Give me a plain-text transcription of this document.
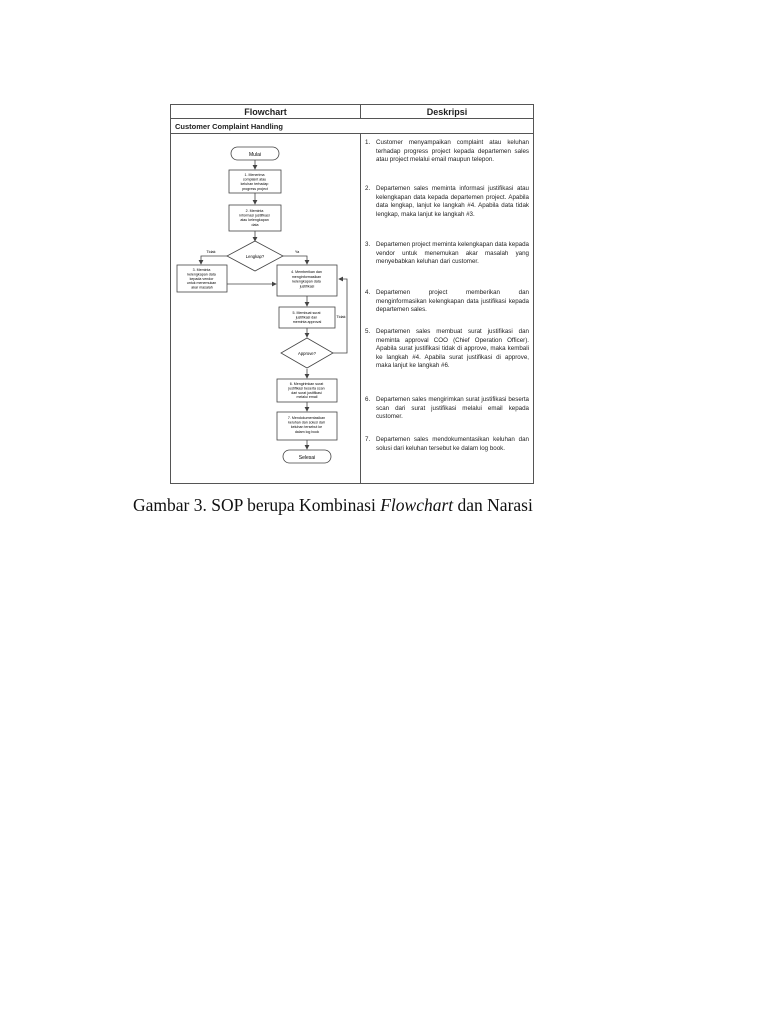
Flowchart	Deskripsi
Customer Complaint Handling
Mulai
1. Menerima complaint atau keluhan terhadap progress project
2. Meminta informasi justifikasi atau kelengkapan data
Lengkap?
Tidak	Ya
3. Meminta kelengkapan data kepada vendor untuk menemukan akar masalah
4. Memberikan dan menginformasikan kelengkapan data justifikasi
5. Membuat surat justifikasi dan meminta approval
Approve?
Tidak
6. Mengirimkan surat justifikasi beserta scan dari surat justifikasi melalui email
7. Mendokumentasikan keluhan dan solusi dari keluhan tersebut ke dalam log book
Selesai
1. Customer menyampaikan complaint atau keluhan terhadap progress project kepada departemen sales atau project melalui email maupun telepon.
2. Departemen sales meminta informasi justifikasi atau kelengkapan data kepada departemen project. Apabila data lengkap, lanjut ke langkah #4. Apabila data tidak lengkap, maka lanjut ke langkah #3.
3. Departemen project meminta kelengkapan data kepada vendor untuk menemukan akar masalah yang menyebabkan keluhan dari customer.
4. Departemen project memberikan dan menginformasikan kelengkapan data justifikasi kepada departemen sales.
5. Departemen sales membuat surat justifikasi dan meminta approval COO (Chief Operation Officer). Apabila surat justifikasi tidak di approve, maka kembali ke langkah #4. Apabila surat justifikasi di approve, maka lanjut ke langkah #6.
6. Departemen sales mengirimkan surat justifikasi beserta scan dari surat justifikasi melalui email kepada customer.
7. Departemen sales mendokumentasikan keluhan dan solusi dari keluhan tersebut ke dalam log book.
Gambar 3. SOP berupa Kombinasi Flowchart dan Narasi
